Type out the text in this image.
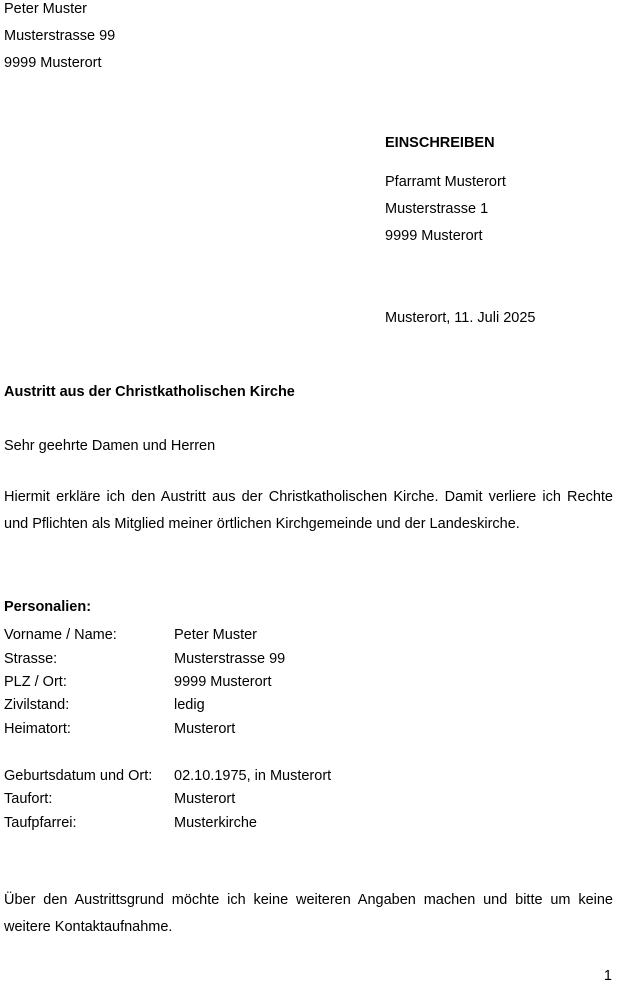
Peter Muster
Musterstrasse 99
9999 Musterort
EINSCHREIBEN
Pfarramt Musterort
Musterstrasse 1
9999 Musterort
Musterort, 11. Juli 2025
Austritt aus der Christkatholischen Kirche
Sehr geehrte Damen und Herren
Hiermit erkläre ich den Austritt aus der Christkatholischen Kirche. Damit verliere ich Rechte und Pflichten als Mitglied meiner örtlichen Kirchgemeinde und der Landeskirche.
Personalien:
Vorname / Name:	Peter Muster
Strasse:	Musterstrasse 99
PLZ / Ort:	9999 Musterort
Zivilstand:	ledig
Heimatort:	Musterort
Geburtsdatum und Ort: 02.10.1975, in Musterort
Taufort:	Musterort
Taufpfarrei:	Musterkirche
Über den Austrittsgrund möchte ich keine weiteren Angaben machen und bitte um keine weitere Kontaktaufnahme.
1
